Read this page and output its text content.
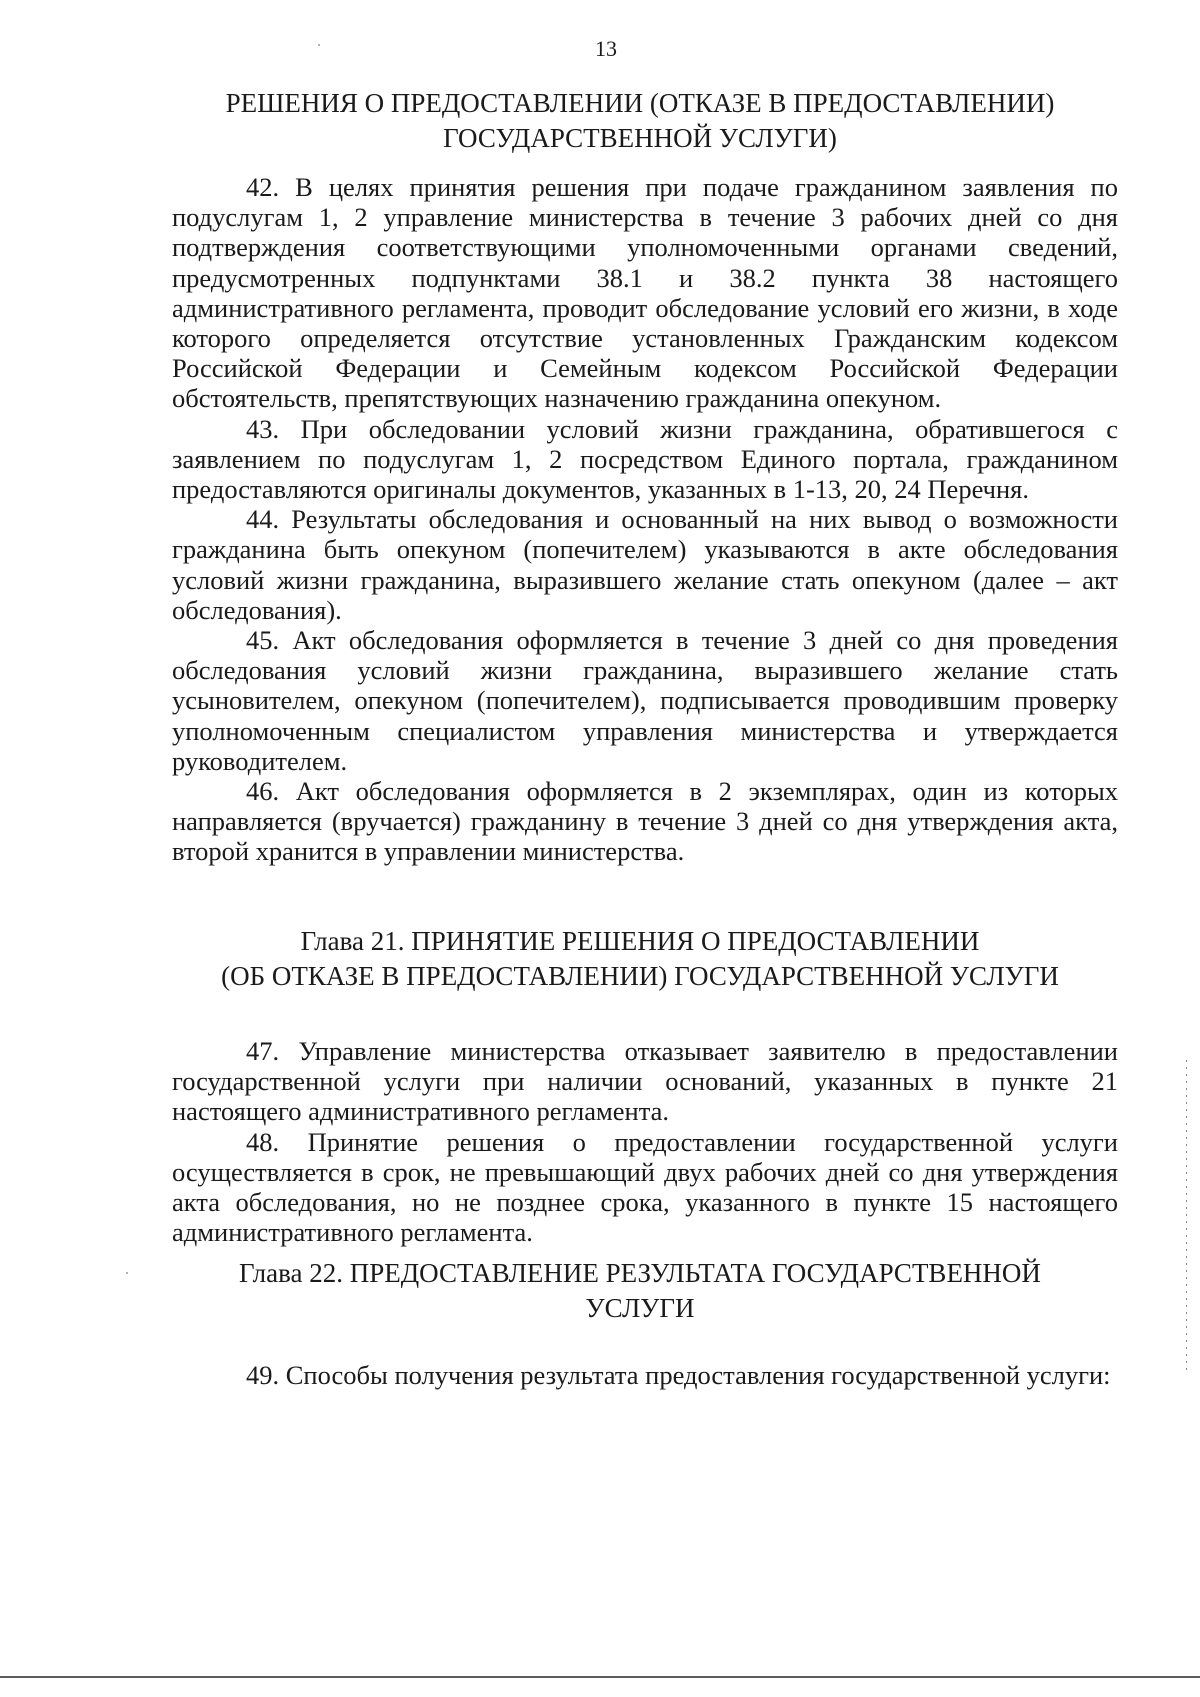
13
РЕШЕНИЯ О ПРЕДОСТАВЛЕНИИ (ОТКАЗЕ В ПРЕДОСТАВЛЕНИИ)
ГОСУДАРСТВЕННОЙ УСЛУГИ)

42. В целях принятия решения при подаче гражданином заявления по подуслугам 1, 2 управление министерства в течение 3 рабочих дней со дня подтверждения соответствующими уполномоченными органами сведений, предусмотренных подпунктами 38.1 и 38.2 пункта 38 настоящего административного регламента, проводит обследование условий его жизни, в ходе которого определяется отсутствие установленных Гражданским кодексом Российской Федерации и Семейным кодексом Российской Федерации обстоятельств, препятствующих назначению гражданина опекуном.

43. При обследовании условий жизни гражданина, обратившегося с заявлением по подуслугам 1, 2 посредством Единого портала, гражданином предоставляются оригиналы документов, указанных в 1-13, 20, 24 Перечня.

44. Результаты обследования и основанный на них вывод о возможности гражданина быть опекуном (попечителем) указываются в акте обследования условий жизни гражданина, выразившего желание стать опекуном (далее – акт обследования).

45. Акт обследования оформляется в течение 3 дней со дня проведения обследования условий жизни гражданина, выразившего желание стать усыновителем, опекуном (попечителем), подписывается проводившим проверку уполномоченным специалистом управления министерства и утверждается руководителем.

46. Акт обследования оформляется в 2 экземплярах, один из которых направляется (вручается) гражданину в течение 3 дней со дня утверждения акта, второй хранится в управлении министерства.

Глава 21. ПРИНЯТИЕ РЕШЕНИЯ О ПРЕДОСТАВЛЕНИИ
(ОБ ОТКАЗЕ В ПРЕДОСТАВЛЕНИИ) ГОСУДАРСТВЕННОЙ УСЛУГИ

47. Управление министерства отказывает заявителю в предоставлении государственной услуги при наличии оснований, указанных в пункте 21 настоящего административного регламента.

48. Принятие решения о предоставлении государственной услуги осуществляется в срок, не превышающий двух рабочих дней со дня утверждения акта обследования, но не позднее срока, указанного в пункте 15 настоящего административного регламента.

Глава 22. ПРЕДОСТАВЛЕНИЕ РЕЗУЛЬТАТА ГОСУДАРСТВЕННОЙ
УСЛУГИ

49. Способы получения результата предоставления государственной услуги:
